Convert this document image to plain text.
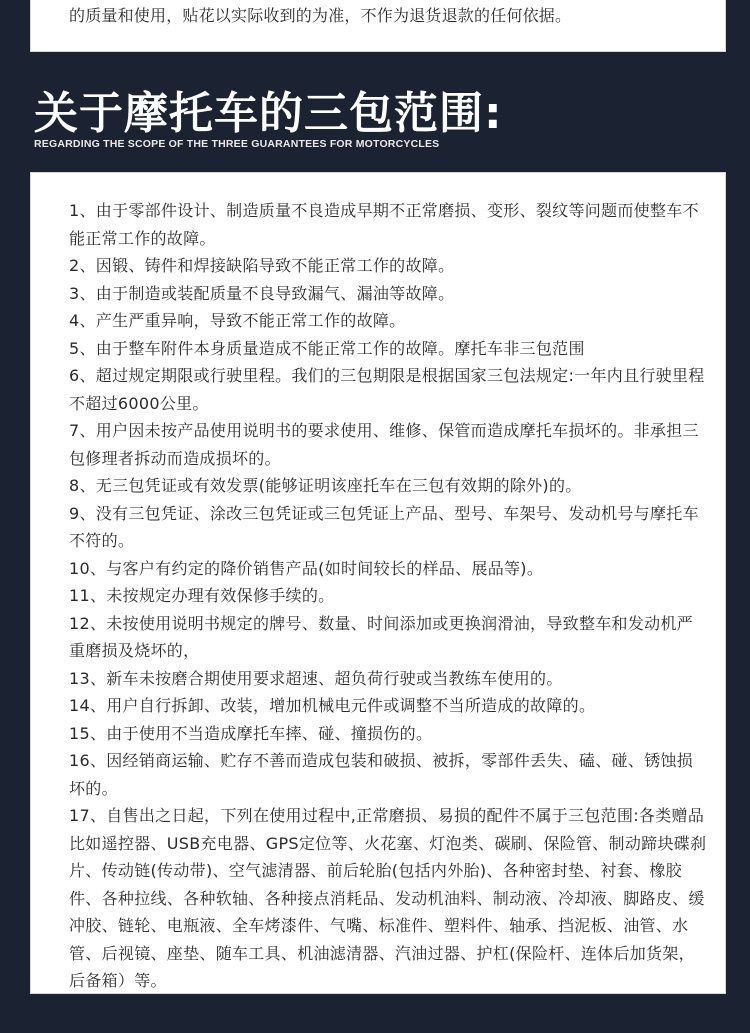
的质量和使用，贴花以实际收到的为准，不作为退货退款的任何依据。
关于摩托车的三包范围:
REGARDING THE SCOPE OF THE THREE GUARANTEES FOR MOTORCYCLES
1、由于零部件设计、制造质量不良造成早期不正常磨损、变形、裂纹等问题而使整车不能正常工作的故障。
2、因锻、铸件和焊接缺陷导致不能正常工作的故障。
3、由于制造或装配质量不良导致漏气、漏油等故障。
4、产生严重异响，导致不能正常工作的故障。
5、由于整车附件本身质量造成不能正常工作的故障。摩托车非三包范围
6、超过规定期限或行驶里程。我们的三包期限是根据国家三包法规定:一年内且行驶里程不超过6000公里。
7、用户因未按产品使用说明书的要求使用、维修、保管而造成摩托车损坏的。非承担三包修理者拆动而造成损坏的。
8、无三包凭证或有效发票(能够证明该座托车在三包有效期的除外)的。
9、没有三包凭证、涂改三包凭证或三包凭证上产品、型号、车架号、发动机号与摩托车不符的。
10、与客户有约定的降价销售产品(如时间较长的样品、展品等)。
11、未按规定办理有效保修手续的。
12、未按使用说明书规定的牌号、数量、时间添加或更换润滑油，导致整车和发动机严重磨损及烧坏的，
13、新车未按磨合期使用要求超速、超负荷行驶或当教练车使用的。
14、用户自行拆卸、改装，增加机械电元件或调整不当所造成的故障的。
15、由于使用不当造成摩托车摔、碰、撞损伤的。
16、因经销商运输、贮存不善而造成包装和破损、被拆，零部件丢失、磕、碰、锈蚀损坏的。
17、自售出之日起，下列在使用过程中,正常磨损、易损的配件不属于三包范围:各类赠品比如遥控器、USB充电器、GPS定位等、火花塞、灯泡类、碳刷、保险管、制动蹄块碟刹片、传动链(传动带)、空气滤清器、前后轮胎(包括内外胎)、各种密封垫、衬套、橡胶件、各种拉线、各种软轴、各种接点消耗品、发动机油料、制动液、冷却液、脚路皮、缓冲胶、链轮、电瓶液、全车烤漆件、气嘴、标准件、塑料件、轴承、挡泥板、油管、水管、后视镜、座垫、随车工具、机油滤清器、汽油过器、护杠(保险杆、连体后加货架，后备箱）等。
